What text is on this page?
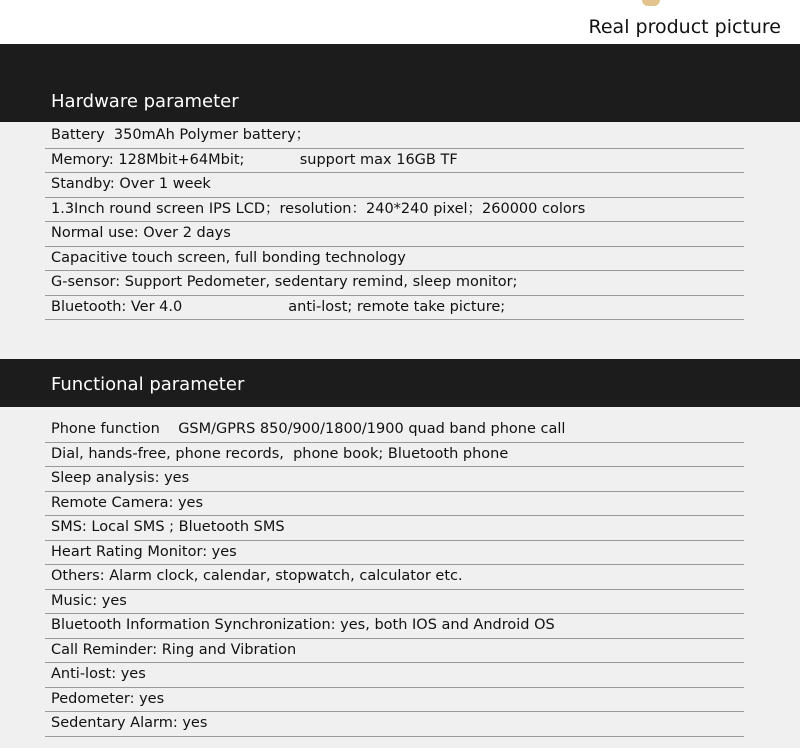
Real product picture
Hardware parameter
Battery  350mAh Polymer battery；
Memory: 128Mbit+64Mbit;            support max 16GB TF
Standby: Over 1 week
1.3Inch round screen IPS LCD；resolution：240*240 pixel；260000 colors
Normal use: Over 2 days
Capacitive touch screen, full bonding technology
G-sensor: Support Pedometer, sedentary remind, sleep monitor;
Bluetooth: Ver 4.0                       anti-lost; remote take picture;
Functional parameter
Phone function    GSM/GPRS 850/900/1800/1900 quad band phone call
Dial, hands-free, phone records,  phone book; Bluetooth phone
Sleep analysis: yes
Remote Camera: yes
SMS: Local SMS ; Bluetooth SMS
Heart Rating Monitor: yes
Others: Alarm clock, calendar, stopwatch, calculator etc.
Music: yes
Bluetooth Information Synchronization: yes, both IOS and Android OS
Call Reminder: Ring and Vibration
Anti-lost: yes
Pedometer: yes
Sedentary Alarm: yes
